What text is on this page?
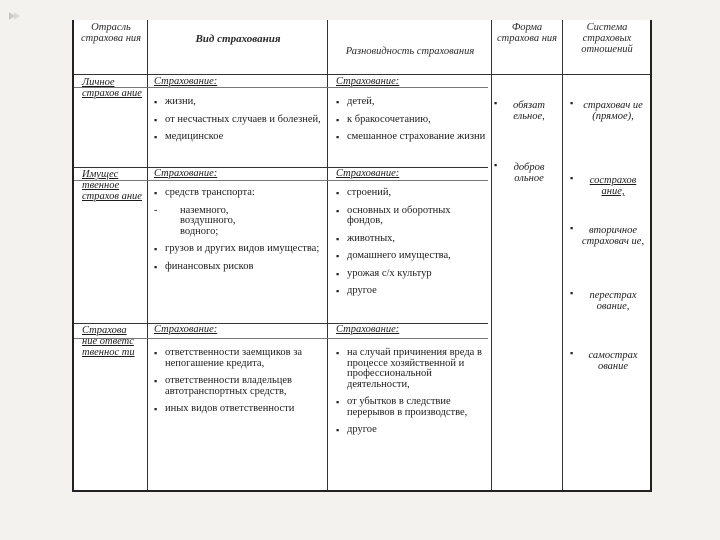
Отрасль страхова ния	Вид страхования
Разновидность страхования
Форма страхова ния
Система страховых отношений
Личное страхов ание
Страхование:
▪ жизни,
▪ от несчастных случаев и болезней,
▪ медицинское
Страхование:
▪ детей,
▪ к бракосочетанию,
▪ смешанное страхование жизни
Имущес твенное страхов ание
Страхование:
▪ средств транспорта:
- наземного, воздушного, водного;
▪ грузов и других видов имущества;
▪ финансовых рисков
Страхование:
▪ строений,
▪ основных и оборотных фондов,
▪ животных,
▪ домашнего имущества,
▪ урожая с/х культур
▪ другое
Страхова ние ответс твеннос ти
Страхование:
▪ ответственности заемщиков за непогашение кредита,
▪ ответственности владельцев автотранспортных средств,
▪ иных видов ответственности
Страхование:
▪ на случай причинения вреда в процессе хозяйственной и профессиональной деятельности,
▪ от убытков в следствие перерывов в производстве,
▪ другое
▪ обязат ельное,
▪ добров ольное
▪ страховач ие (прямое),
▪ сострахов ание,
▪ вторичное страховач ие,
▪ перестрах ование,
▪ самострах ование
